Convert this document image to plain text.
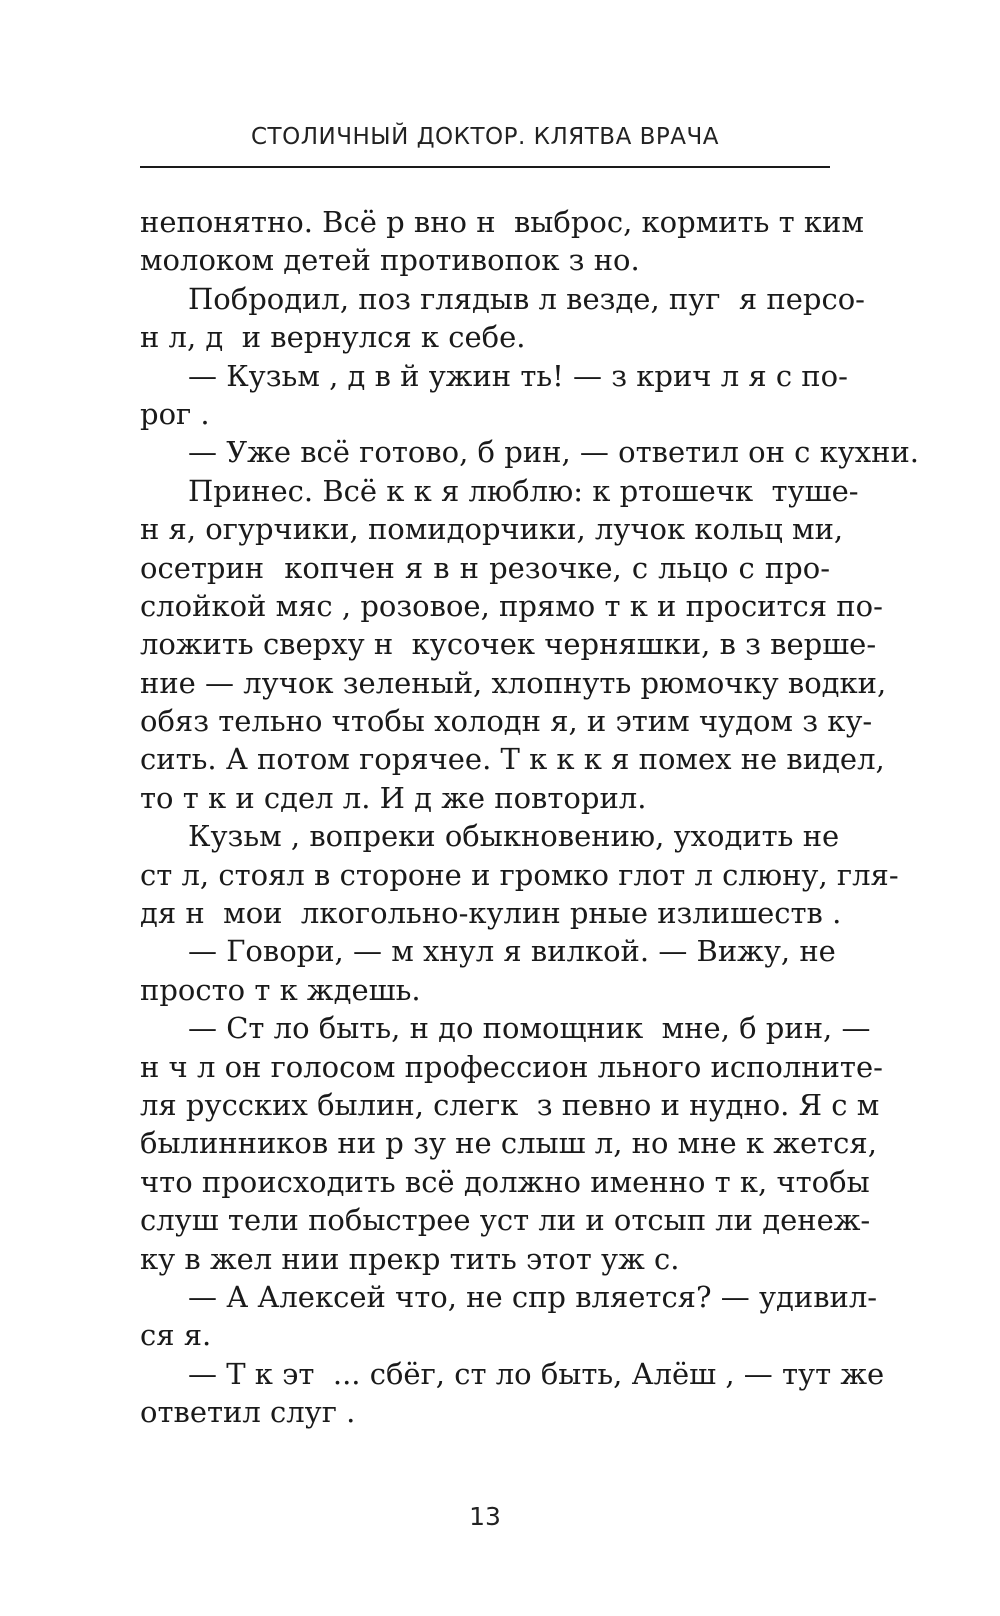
СТОЛИЧНЫЙ ДОКТОР. КЛЯТВА ВРАЧА
непонятно. Всё р вно н  выброс, кормить т ким
молоком детей противопок з но.
Побродил, поз глядыв л везде, пуг  я персо-
н л, д  и вернулся к себе.
— Кузьм , д в й ужин ть! — з крич л я с по-
рог .
— Уже всё готово, б рин, — ответил он с кухни.
Принес. Всё к к я люблю: к ртошечк  туше-
н я, огурчики, помидорчики, лучок кольц ми,
осетрин  копчен я в н резочке, с льцо с про-
слойкой мяс , розовое, прямо т к и просится по-
ложить сверху н  кусочек черняшки, в з верше-
ние — лучок зеленый, хлопнуть рюмочку водки,
обяз тельно чтобы холодн я, и этим чудом з ку-
сить. А потом горячее. Т к к к я помех не видел,
то т к и сдел л. И д же повторил.
Кузьм , вопреки обыкновению, уходить не
ст л, стоял в стороне и громко глот л слюну, гля-
дя н  мои  лкогольно-кулин рные излишеств .
— Говори, — м хнул я вилкой. — Вижу, не
просто т к ждешь.
— Ст ло быть, н до помощник  мне, б рин, —
н ч л он голосом профессион льного исполните-
ля русских былин, слегк  з певно и нудно. Я с м
былинников ни р зу не слыш л, но мне к жется,
что происходить всё должно именно т к, чтобы
слуш тели побыстрее уст ли и отсып ли денеж-
ку в жел нии прекр тить этот уж с.
— А Алексей что, не спр вляется? — удивил-
ся я.
— Т к эт  ... сбёг, ст ло быть, Алёш , — тут же
ответил слуг .
13
